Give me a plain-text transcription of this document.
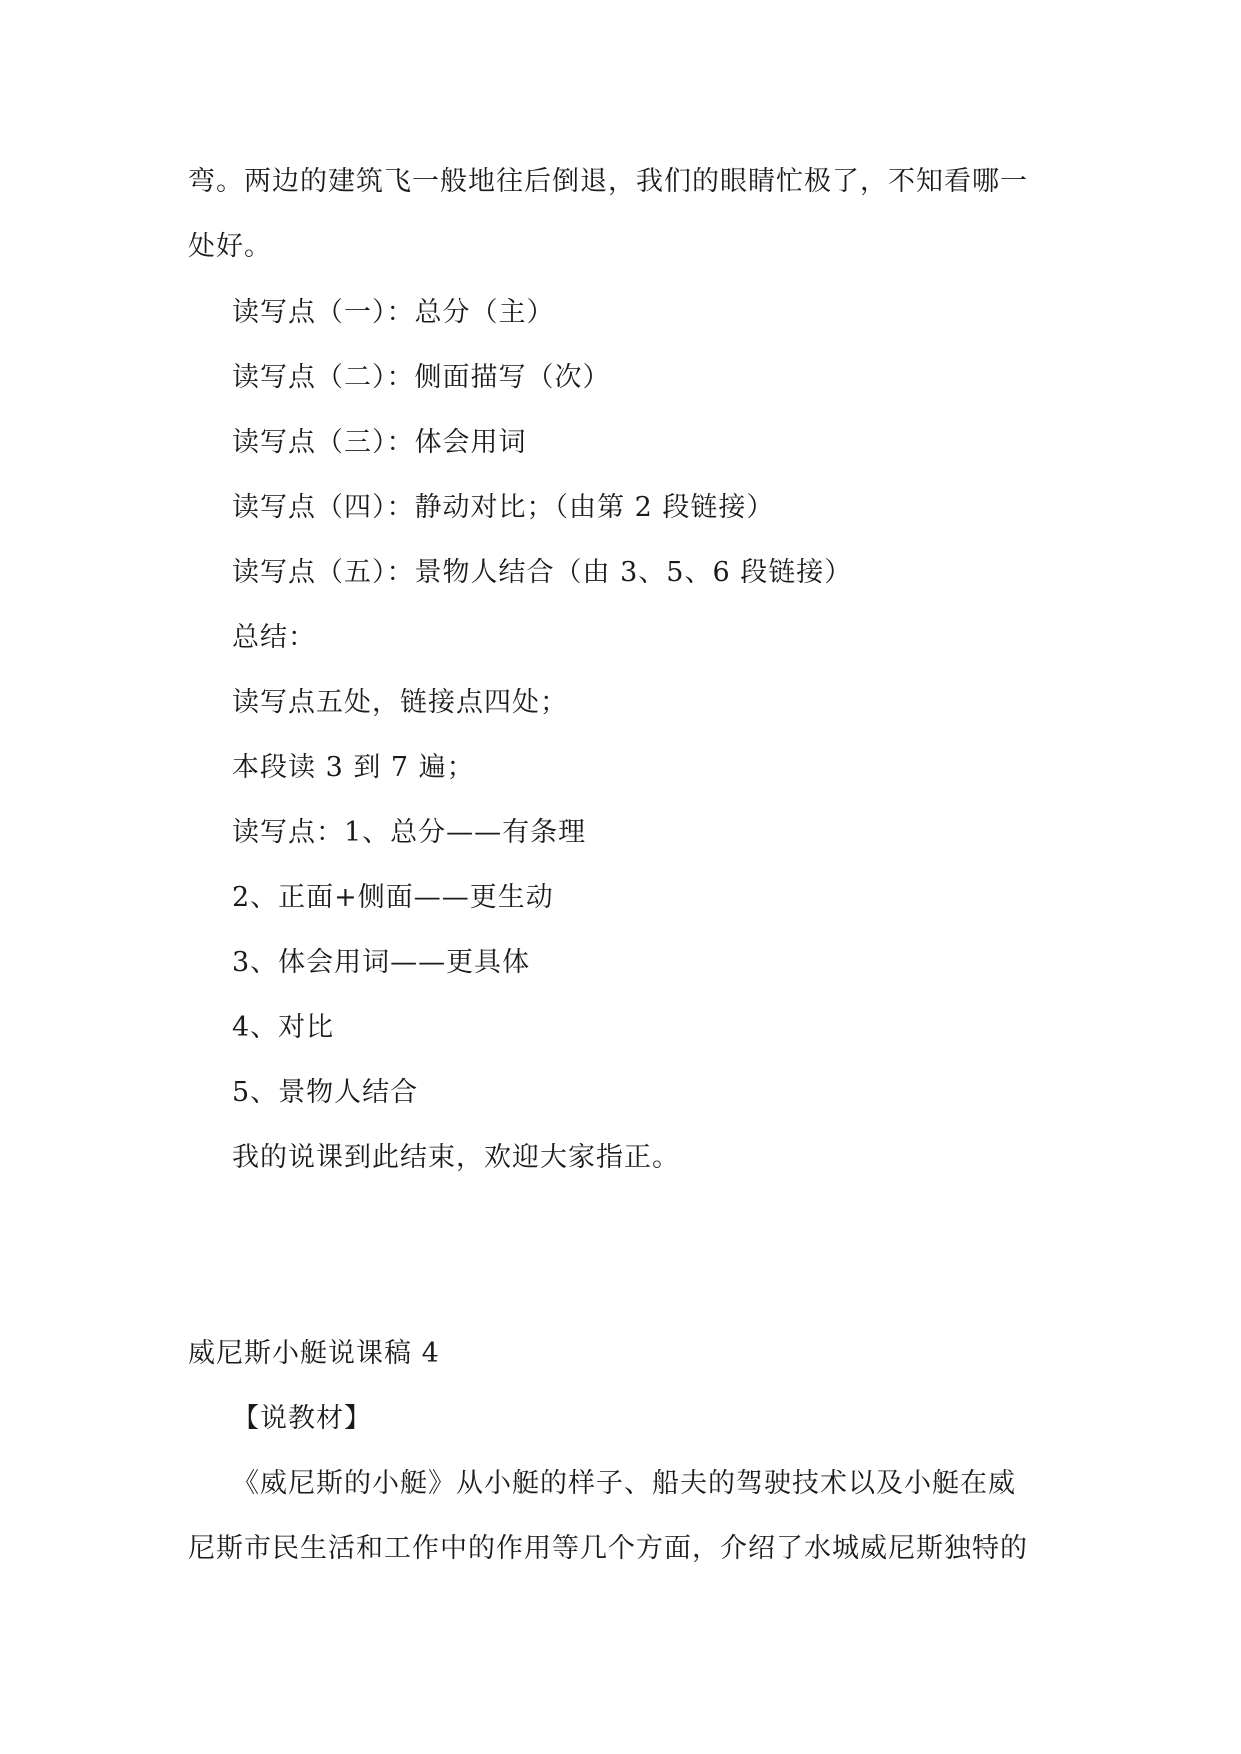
弯。两边的建筑飞一般地往后倒退，我们的眼睛忙极了，不知看哪一
处好。
读写点（一）：总分（主）
读写点（二）：侧面描写（次）
读写点（三）：体会用词
读写点（四）：静动对比；（由第 2 段链接）
读写点（五）：景物人结合（由 3、5、6 段链接）
总结：
读写点五处，链接点四处；
本段读 3 到 7 遍；
读写点：1、总分——有条理
2、正面+侧面——更生动
3、体会用词——更具体
4、对比
5、景物人结合
我的说课到此结束，欢迎大家指正。
威尼斯小艇说课稿 4
【说教材】
《威尼斯的小艇》从小艇的样子、船夫的驾驶技术以及小艇在威
尼斯市民生活和工作中的作用等几个方面，介绍了水城威尼斯独特的
